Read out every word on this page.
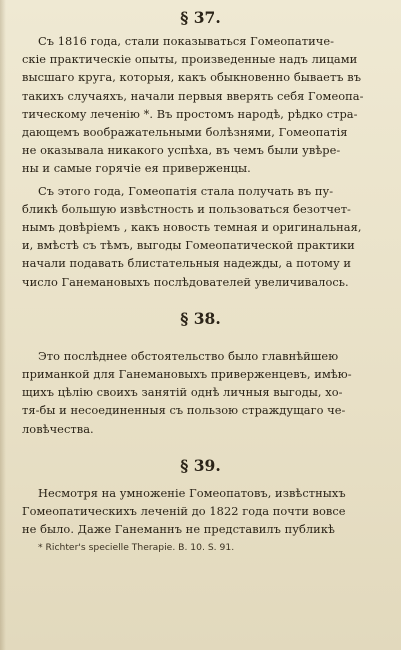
§ 37.

Съ 1816 года, стали показываться Гомеопатиче-
скіе практическіе опыты, произведенные надъ лицами
высшаго круга, которыя, какъ обыкновенно бываетъ въ
такихъ случаяхъ, начали первыя вверять себя Гомеопа-
тическому леченію *. Въ простомъ народѣ, рѣдко стра-
дающемъ воображательными болѣзнями, Гомеопатія
не оказывала никакого успѣха, въ чемъ были увѣре-
ны и самые горячіе ея приверженцы.

Съ этого года, Гомеопатія стала получать въ пу-
бликѣ большую извѣстность и пользоваться безотчет-
нымъ довѣріемъ , какъ новость темная и оригинальная,
и, вмѣстѣ съ тѣмъ, выгоды Гомеопатической практики
начали подавать блистательныя надежды, а потому и
число Ганемановыхъ послѣдователей увеличивалось.

§ 38.

Это послѣднее обстоятельство было главнѣйшею
приманкой для Ганемановыхъ приверженцевъ, имѣю-
щихъ цѣлію своихъ занятій однѣ личныя выгоды, хо-
тя-бы и несоединенныя съ пользою страждущаго че-
ловѣчества.

§ 39.

Несмотря на умноженіе Гомеопатовъ, извѣстныхъ
Гомеопатическихъ леченій до 1822 года почти вовсе
не было. Даже Ганеманнъ не представилъ публикѣ

* Richter's specielle Therapie. B. 10. S. 91.
